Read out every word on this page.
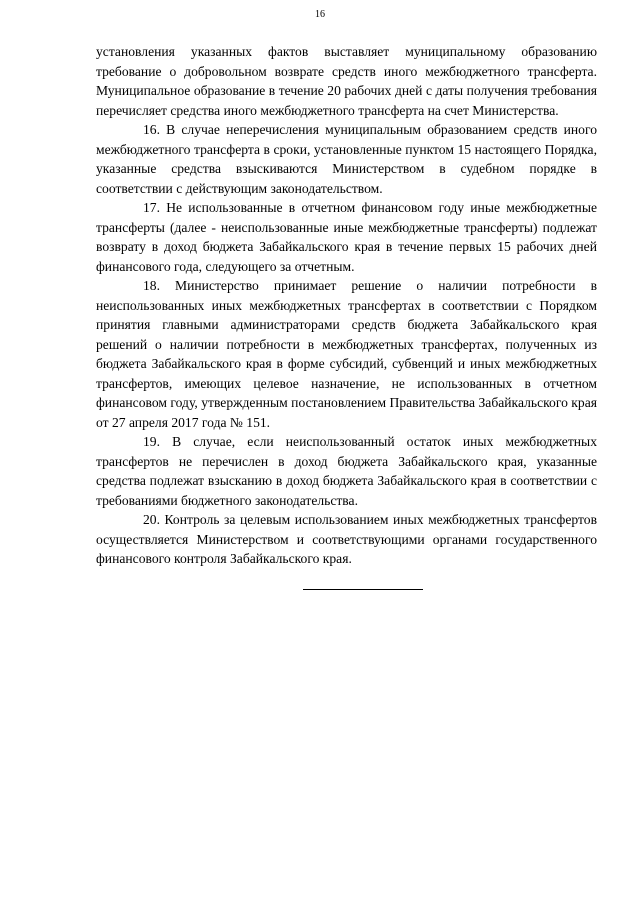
16

установления указанных фактов выставляет муниципальному образованию требование о добровольном возврате средств иного межбюджетного трансферта. Муниципальное образование в течение 20 рабочих дней с даты получения требования перечисляет средства иного межбюджетного трансферта на счет Министерства.

16. В случае неперечисления муниципальным образованием средств иного межбюджетного трансферта в сроки, установленные пунктом 15 настоящего Порядка, указанные средства взыскиваются Министерством в судебном порядке в соответствии с действующим законодательством.

17. Не использованные в отчетном финансовом году иные межбюджетные трансферты (далее - неиспользованные иные межбюджетные трансферты) подлежат возврату в доход бюджета Забайкальского края в течение первых 15 рабочих дней финансового года, следующего за отчетным.

18. Министерство принимает решение о наличии потребности в неиспользованных иных межбюджетных трансфертах в соответствии с Порядком принятия главными администраторами средств бюджета Забайкальского края решений о наличии потребности в межбюджетных трансфертах, полученных из бюджета Забайкальского края в форме субсидий, субвенций и иных межбюджетных трансфертов, имеющих целевое назначение, не использованных в отчетном финансовом году, утвержденным постановлением Правительства Забайкальского края от 27 апреля 2017 года № 151.

19. В случае, если неиспользованный остаток иных межбюджетных трансфертов не перечислен в доход бюджета Забайкальского края, указанные средства подлежат взысканию в доход бюджета Забайкальского края в соответствии с требованиями бюджетного законодательства.

20. Контроль за целевым использованием иных межбюджетных трансфертов осуществляется Министерством и соответствующими органами государственного финансового контроля Забайкальского края.
